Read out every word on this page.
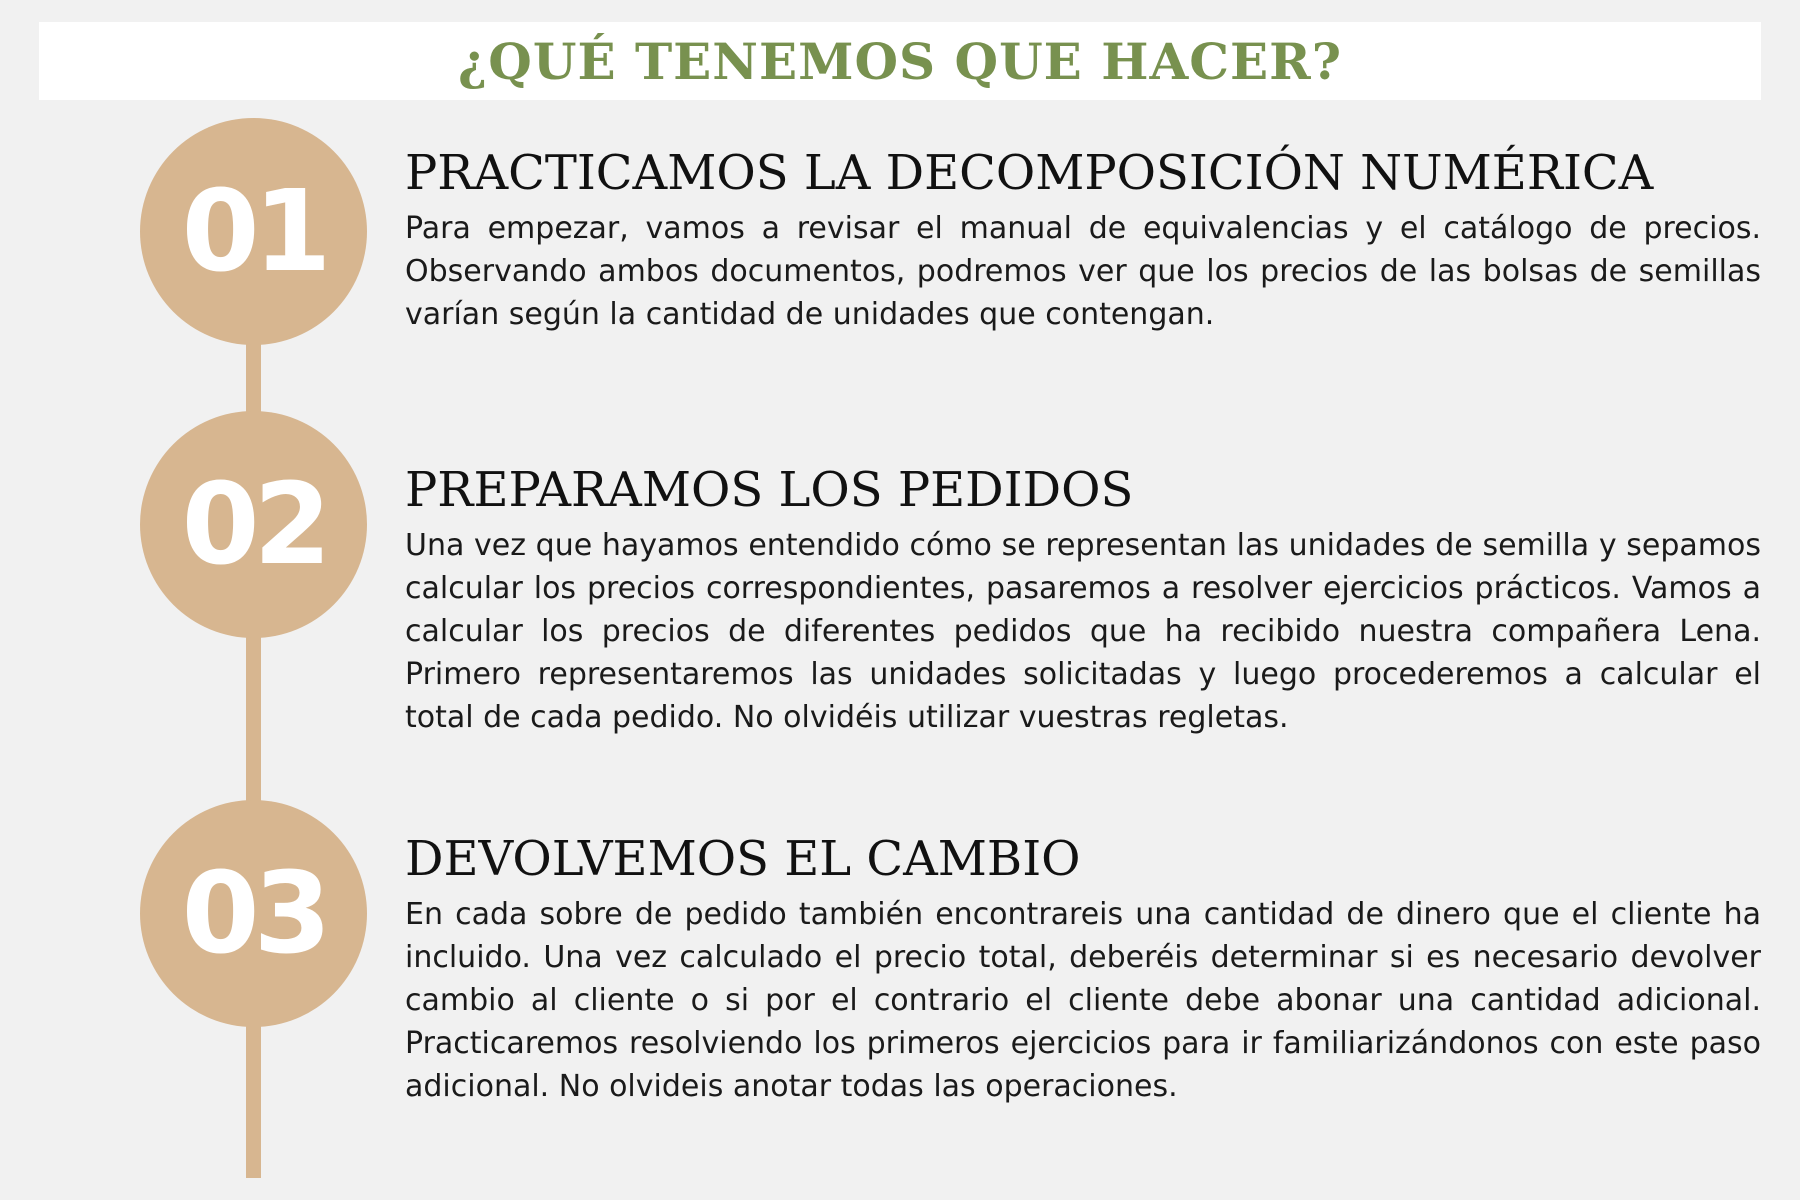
¿QUÉ TENEMOS QUE HACER?
01 PRACTICAMOS LA DECOMPOSICIÓN NUMÉRICA

Para empezar, vamos a revisar el manual de equivalencias y el catálogo de precios. Observando ambos documentos, podremos ver que los precios de las bolsas de semillas varían según la cantidad de unidades que contengan.

02 PREPARAMOS LOS PEDIDOS

Una vez que hayamos entendido cómo se representan las unidades de semilla y sepamos calcular los precios correspondientes, pasaremos a resolver ejercicios prácticos. Vamos a calcular los precios de diferentes pedidos que ha recibido nuestra compañera Lena. Primero representaremos las unidades solicitadas y luego procederemos a calcular el total de cada pedido. No olvidéis utilizar vuestras regletas.

03 DEVOLVEMOS EL CAMBIO

En cada sobre de pedido también encontrareis una cantidad de dinero que el cliente ha incluido. Una vez calculado el precio total, deberéis determinar si es necesario devolver cambio al cliente o si por el contrario el cliente debe abonar una cantidad adicional. Practicaremos resolviendo los primeros ejercicios para ir familiarizándonos con este paso adicional. No olvideis anotar todas las operaciones.
